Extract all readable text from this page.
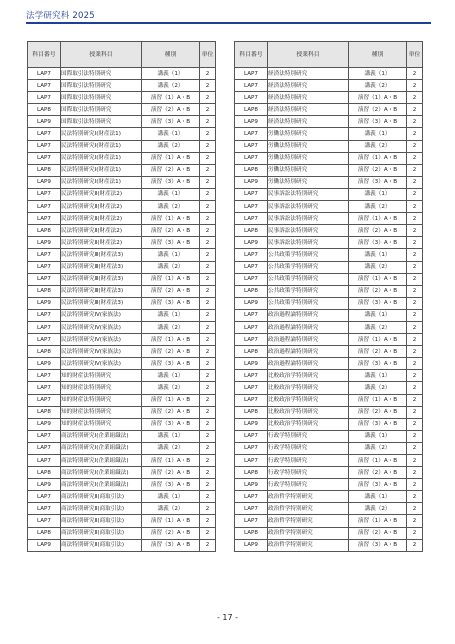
法学研究科 2025
科目番号	授業科目	種別	単位
LAP7	国際取引法特別研究	講義（1）	2
LAP7	国際取引法特別研究	講義（2）	2
LAP7	国際取引法特別研究	演習（1）A・B	2
LAP8	国際取引法特別研究	演習（2）A・B	2
LAP9	国際取引法特別研究	演習（3）A・B	2
LAP7	民法特別研究Ⅰ(財産法1)	講義（1）	2
LAP7	民法特別研究Ⅰ(財産法1)	講義（2）	2
LAP7	民法特別研究Ⅰ(財産法1)	演習（1）A・B	2
LAP8	民法特別研究Ⅰ(財産法1)	演習（2）A・B	2
LAP9	民法特別研究Ⅰ(財産法1)	演習（3）A・B	2
LAP7	民法特別研究Ⅱ(財産法2)	講義（1）	2
LAP7	民法特別研究Ⅱ(財産法2)	講義（2）	2
LAP7	民法特別研究Ⅱ(財産法2)	演習（1）A・B	2
LAP8	民法特別研究Ⅱ(財産法2)	演習（2）A・B	2
LAP9	民法特別研究Ⅱ(財産法2)	演習（3）A・B	2
LAP7	民法特別研究Ⅲ(財産法3)	講義（1）	2
LAP7	民法特別研究Ⅲ(財産法3)	講義（2）	2
LAP7	民法特別研究Ⅲ(財産法3)	演習（1）A・B	2
LAP8	民法特別研究Ⅲ(財産法3)	演習（2）A・B	2
LAP9	民法特別研究Ⅲ(財産法3)	演習（3）A・B	2
LAP7	民法特別研究Ⅳ(家族法)	講義（1）	2
LAP7	民法特別研究Ⅳ(家族法)	講義（2）	2
LAP7	民法特別研究Ⅳ(家族法)	演習（1）A・B	2
LAP8	民法特別研究Ⅳ(家族法)	演習（2）A・B	2
LAP9	民法特別研究Ⅳ(家族法)	演習（3）A・B	2
LAP7	知的財産法特別研究	講義（1）	2
LAP7	知的財産法特別研究	講義（2）	2
LAP7	知的財産法特別研究	演習（1）A・B	2
LAP8	知的財産法特別研究	演習（2）A・B	2
LAP9	知的財産法特別研究	演習（3）A・B	2
LAP7	商法特別研究Ⅰ(企業組織法)	講義（1）	2
LAP7	商法特別研究Ⅰ(企業組織法)	講義（2）	2
LAP7	商法特別研究Ⅰ(企業組織法)	演習（1）A・B	2
LAP8	商法特別研究Ⅰ(企業組織法)	演習（2）A・B	2
LAP9	商法特別研究Ⅰ(企業組織法)	演習（3）A・B	2
LAP7	商法特別研究Ⅱ(商取引法)	講義（1）	2
LAP7	商法特別研究Ⅱ(商取引法)	講義（2）	2
LAP7	商法特別研究Ⅱ(商取引法)	演習（1）A・B	2
LAP8	商法特別研究Ⅱ(商取引法)	演習（2）A・B	2
LAP9	商法特別研究Ⅱ(商取引法)	演習（3）A・B	2
科目番号	授業科目	種別	単位
LAP7	経済法特別研究	講義（1）	2
LAP7	経済法特別研究	講義（2）	2
LAP7	経済法特別研究	演習（1）A・B	2
LAP8	経済法特別研究	演習（2）A・B	2
LAP9	経済法特別研究	演習（3）A・B	2
LAP7	労働法特別研究	講義（1）	2
LAP7	労働法特別研究	講義（2）	2
LAP7	労働法特別研究	演習（1）A・B	2
LAP8	労働法特別研究	演習（2）A・B	2
LAP9	労働法特別研究	演習（3）A・B	2
LAP7	民事訴訟法特別研究	講義（1）	2
LAP7	民事訴訟法特別研究	講義（2）	2
LAP7	民事訴訟法特別研究	演習（1）A・B	2
LAP8	民事訴訟法特別研究	演習（2）A・B	2
LAP9	民事訴訟法特別研究	演習（3）A・B	2
LAP7	公共政策学特別研究	講義（1）	2
LAP7	公共政策学特別研究	講義（2）	2
LAP7	公共政策学特別研究	演習（1）A・B	2
LAP8	公共政策学特別研究	演習（2）A・B	2
LAP9	公共政策学特別研究	演習（3）A・B	2
LAP7	政治過程論特別研究	講義（1）	2
LAP7	政治過程論特別研究	講義（2）	2
LAP7	政治過程論特別研究	演習（1）A・B	2
LAP8	政治過程論特別研究	演習（2）A・B	2
LAP9	政治過程論特別研究	演習（3）A・B	2
LAP7	比較政治学特別研究	講義（1）	2
LAP7	比較政治学特別研究	講義（2）	2
LAP7	比較政治学特別研究	演習（1）A・B	2
LAP8	比較政治学特別研究	演習（2）A・B	2
LAP9	比較政治学特別研究	演習（3）A・B	2
LAP7	行政学特別研究	講義（1）	2
LAP7	行政学特別研究	講義（2）	2
LAP7	行政学特別研究	演習（1）A・B	2
LAP8	行政学特別研究	演習（2）A・B	2
LAP9	行政学特別研究	演習（3）A・B	2
LAP7	政治哲学特別研究	講義（1）	2
LAP7	政治哲学特別研究	講義（2）	2
LAP7	政治哲学特別研究	演習（1）A・B	2
LAP8	政治哲学特別研究	演習（2）A・B	2
LAP9	政治哲学特別研究	演習（3）A・B	2
- 17 -
